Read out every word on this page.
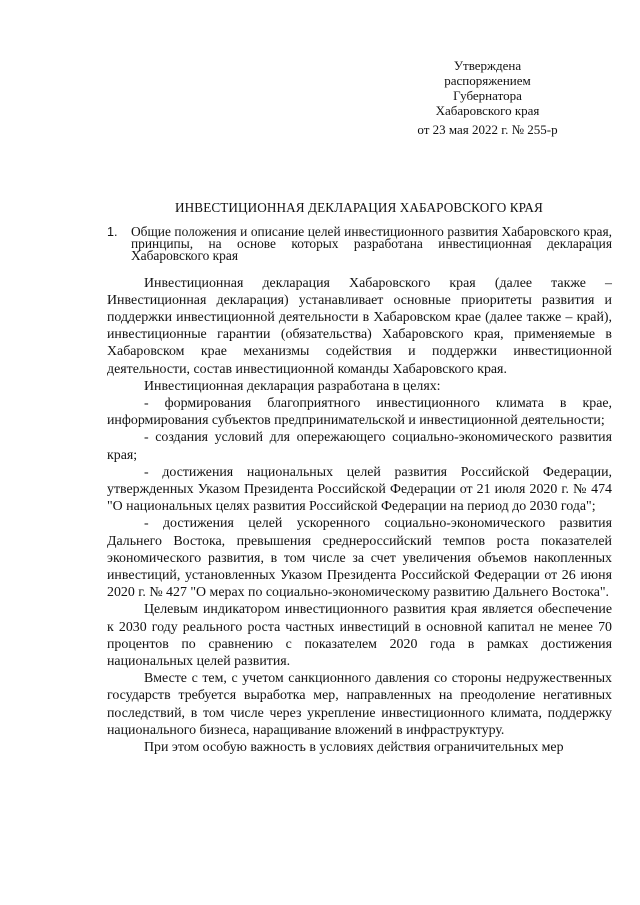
Утверждена
распоряжением
Губернатора
Хабаровского края
от 23 мая 2022 г. № 255-р
ИНВЕСТИЦИОННАЯ ДЕКЛАРАЦИЯ ХАБАРОВСКОГО КРАЯ
1.	Общие положения и описание целей инвестиционного развития Хабаровского края, принципы, на основе которых разработана инвестиционная декларация Хабаровского края

Инвестиционная декларация Хабаровского края (далее также – Инвестиционная декларация) устанавливает основные приоритеты развития и поддержки инвестиционной деятельности в Хабаровском крае (далее также – край), инвестиционные гарантии (обязательства) Хабаровского края, применяемые в Хабаровском крае механизмы содействия и поддержки инвестиционной деятельности, состав инвестиционной команды Хабаровского края.

Инвестиционная декларация разработана в целях:

- формирования благоприятного инвестиционного климата в крае, информирования субъектов предпринимательской и инвестиционной деятельности;

- создания условий для опережающего социально-экономического развития края;

- достижения национальных целей развития Российской Федерации, утвержденных Указом Президента Российской Федерации от 21 июля 2020 г. № 474 "О национальных целях развития Российской Федерации на период до 2030 года";

- достижения целей ускоренного социально-экономического развития Дальнего Востока, превышения среднероссийский темпов роста показателей экономического развития, в том числе за счет увеличения объемов накопленных инвестиций, установленных Указом Президента Российской Федерации от 26 июня 2020 г. № 427 "О мерах по социально-экономическому развитию Дальнего Востока".

Целевым индикатором инвестиционного развития края является обеспечение к 2030 году реального роста частных инвестиций в основной капитал не менее 70 процентов по сравнению с показателем 2020 года в рамках достижения национальных целей развития.

Вместе с тем, с учетом санкционного давления со стороны недружественных государств требуется выработка мер, направленных на преодоление негативных последствий, в том числе через укрепление инвестиционного климата, поддержку национального бизнеса, наращивание вложений в инфраструктуру.

При этом особую важность в условиях действия ограничительных мер
